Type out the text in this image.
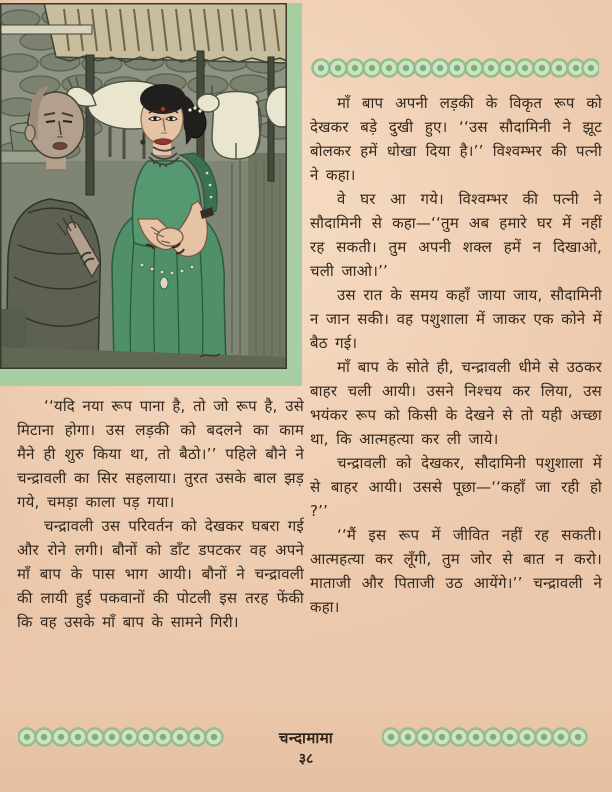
माँ बाप अपनी लड़की के विकृत रूप को देखकर बड़े दुखी हुए। ‘‘उस सौदामिनी ने झूट बोलकर हमें धोखा दिया है।’’ विश्वम्भर की पत्नी ने कहा।

वे घर आ गये। विश्वम्भर की पत्नी ने सौदामिनी से कहा—‘‘तुम अब हमारे घर में नहीं रह सकती। तुम अपनी शक्ल हमें न दिखाओ, चली जाओ।’’

उस रात के समय कहाँ जाया जाय, सौदामिनी न जान सकी। वह पशुशाला में जाकर एक कोने में बैठ गई।

माँ बाप के सोते ही, चन्द्रावली धीमे से उठकर बाहर चली आयी। उसने निश्चय कर लिया, उस भयंकर रूप को किसी के देखने से तो यही अच्छा था, कि आत्महत्या कर ली जाये।

चन्द्रावली को देखकर, सौदामिनी पशुशाला में से बाहर आयी। उससे पूछा—‘‘कहाँ जा रही हो ?’’

‘‘मैं इस रूप में जीवित नहीं रह सकती। आत्महत्या कर लूँगी, तुम जोर से बात न करो। माताजी और पिताजी उठ आयेंगे।’’ चन्द्रावली ने कहा।

‘‘यदि नया रूप पाना है, तो जो रूप है, उसे मिटाना होगा। उस लड़की को बदलने का काम मैने ही शुरु किया था, तो बैठो।’’ पहिले बौने ने चन्द्रावली का सिर सहलाया। तुरत उसके बाल झड़ गये, चमड़ा काला पड़ गया।

चन्द्रावली उस परिवर्तन को देखकर घबरा गई और रोने लगी। बौनों को डाँट डपटकर वह अपने माँ बाप के पास भाग आयी। बौनों ने चन्द्रावली की लायी हुई पकवानों की पोटली इस तरह फेंकी कि वह उसके माँ बाप के सामने गिरी।

चन्दामामा
३८
